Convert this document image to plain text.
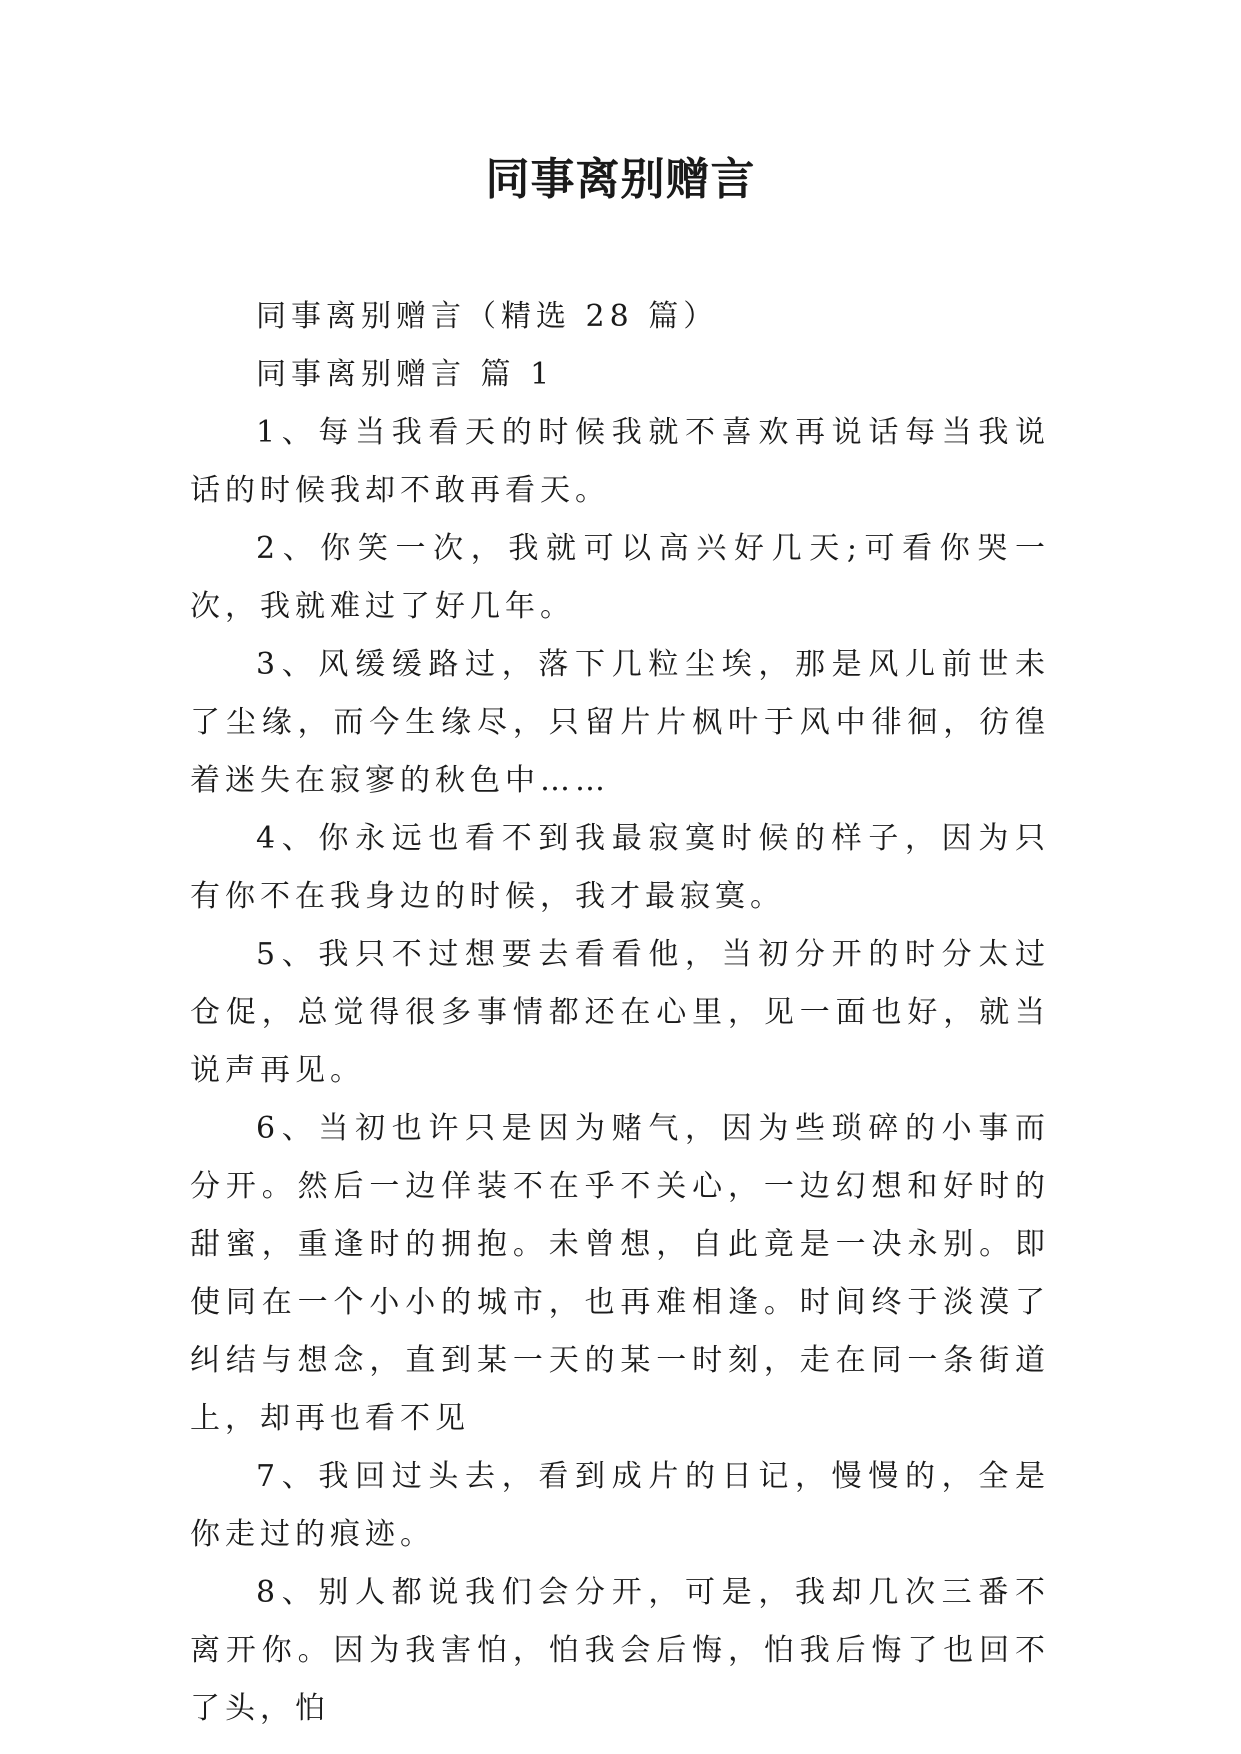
同事离别赠言

同事离别赠言（精选 28 篇）

同事离别赠言 篇 1

1、每当我看天的时候我就不喜欢再说话每当我说话的时候我却不敢再看天。

2、你笑一次，我就可以高兴好几天;可看你哭一次，我就难过了好几年。

3、风缓缓路过，落下几粒尘埃，那是风儿前世未了尘缘，而今生缘尽，只留片片枫叶于风中徘徊，彷徨着迷失在寂寥的秋色中……

4、你永远也看不到我最寂寞时候的样子，因为只有你不在我身边的时候，我才最寂寞。

5、我只不过想要去看看他，当初分开的时分太过仓促，总觉得很多事情都还在心里，见一面也好，就当说声再见。

6、当初也许只是因为赌气，因为些琐碎的小事而分开。然后一边佯装不在乎不关心，一边幻想和好时的甜蜜，重逢时的拥抱。未曾想，自此竟是一决永别。即使同在一个小小的城市，也再难相逢。时间终于淡漠了纠结与想念，直到某一天的某一时刻，走在同一条街道上，却再也看不见

7、我回过头去，看到成片的日记，慢慢的，全是你走过的痕迹。

8、别人都说我们会分开，可是，我却几次三番不离开你。因为我害怕，怕我会后悔，怕我后悔了也回不了头，怕
